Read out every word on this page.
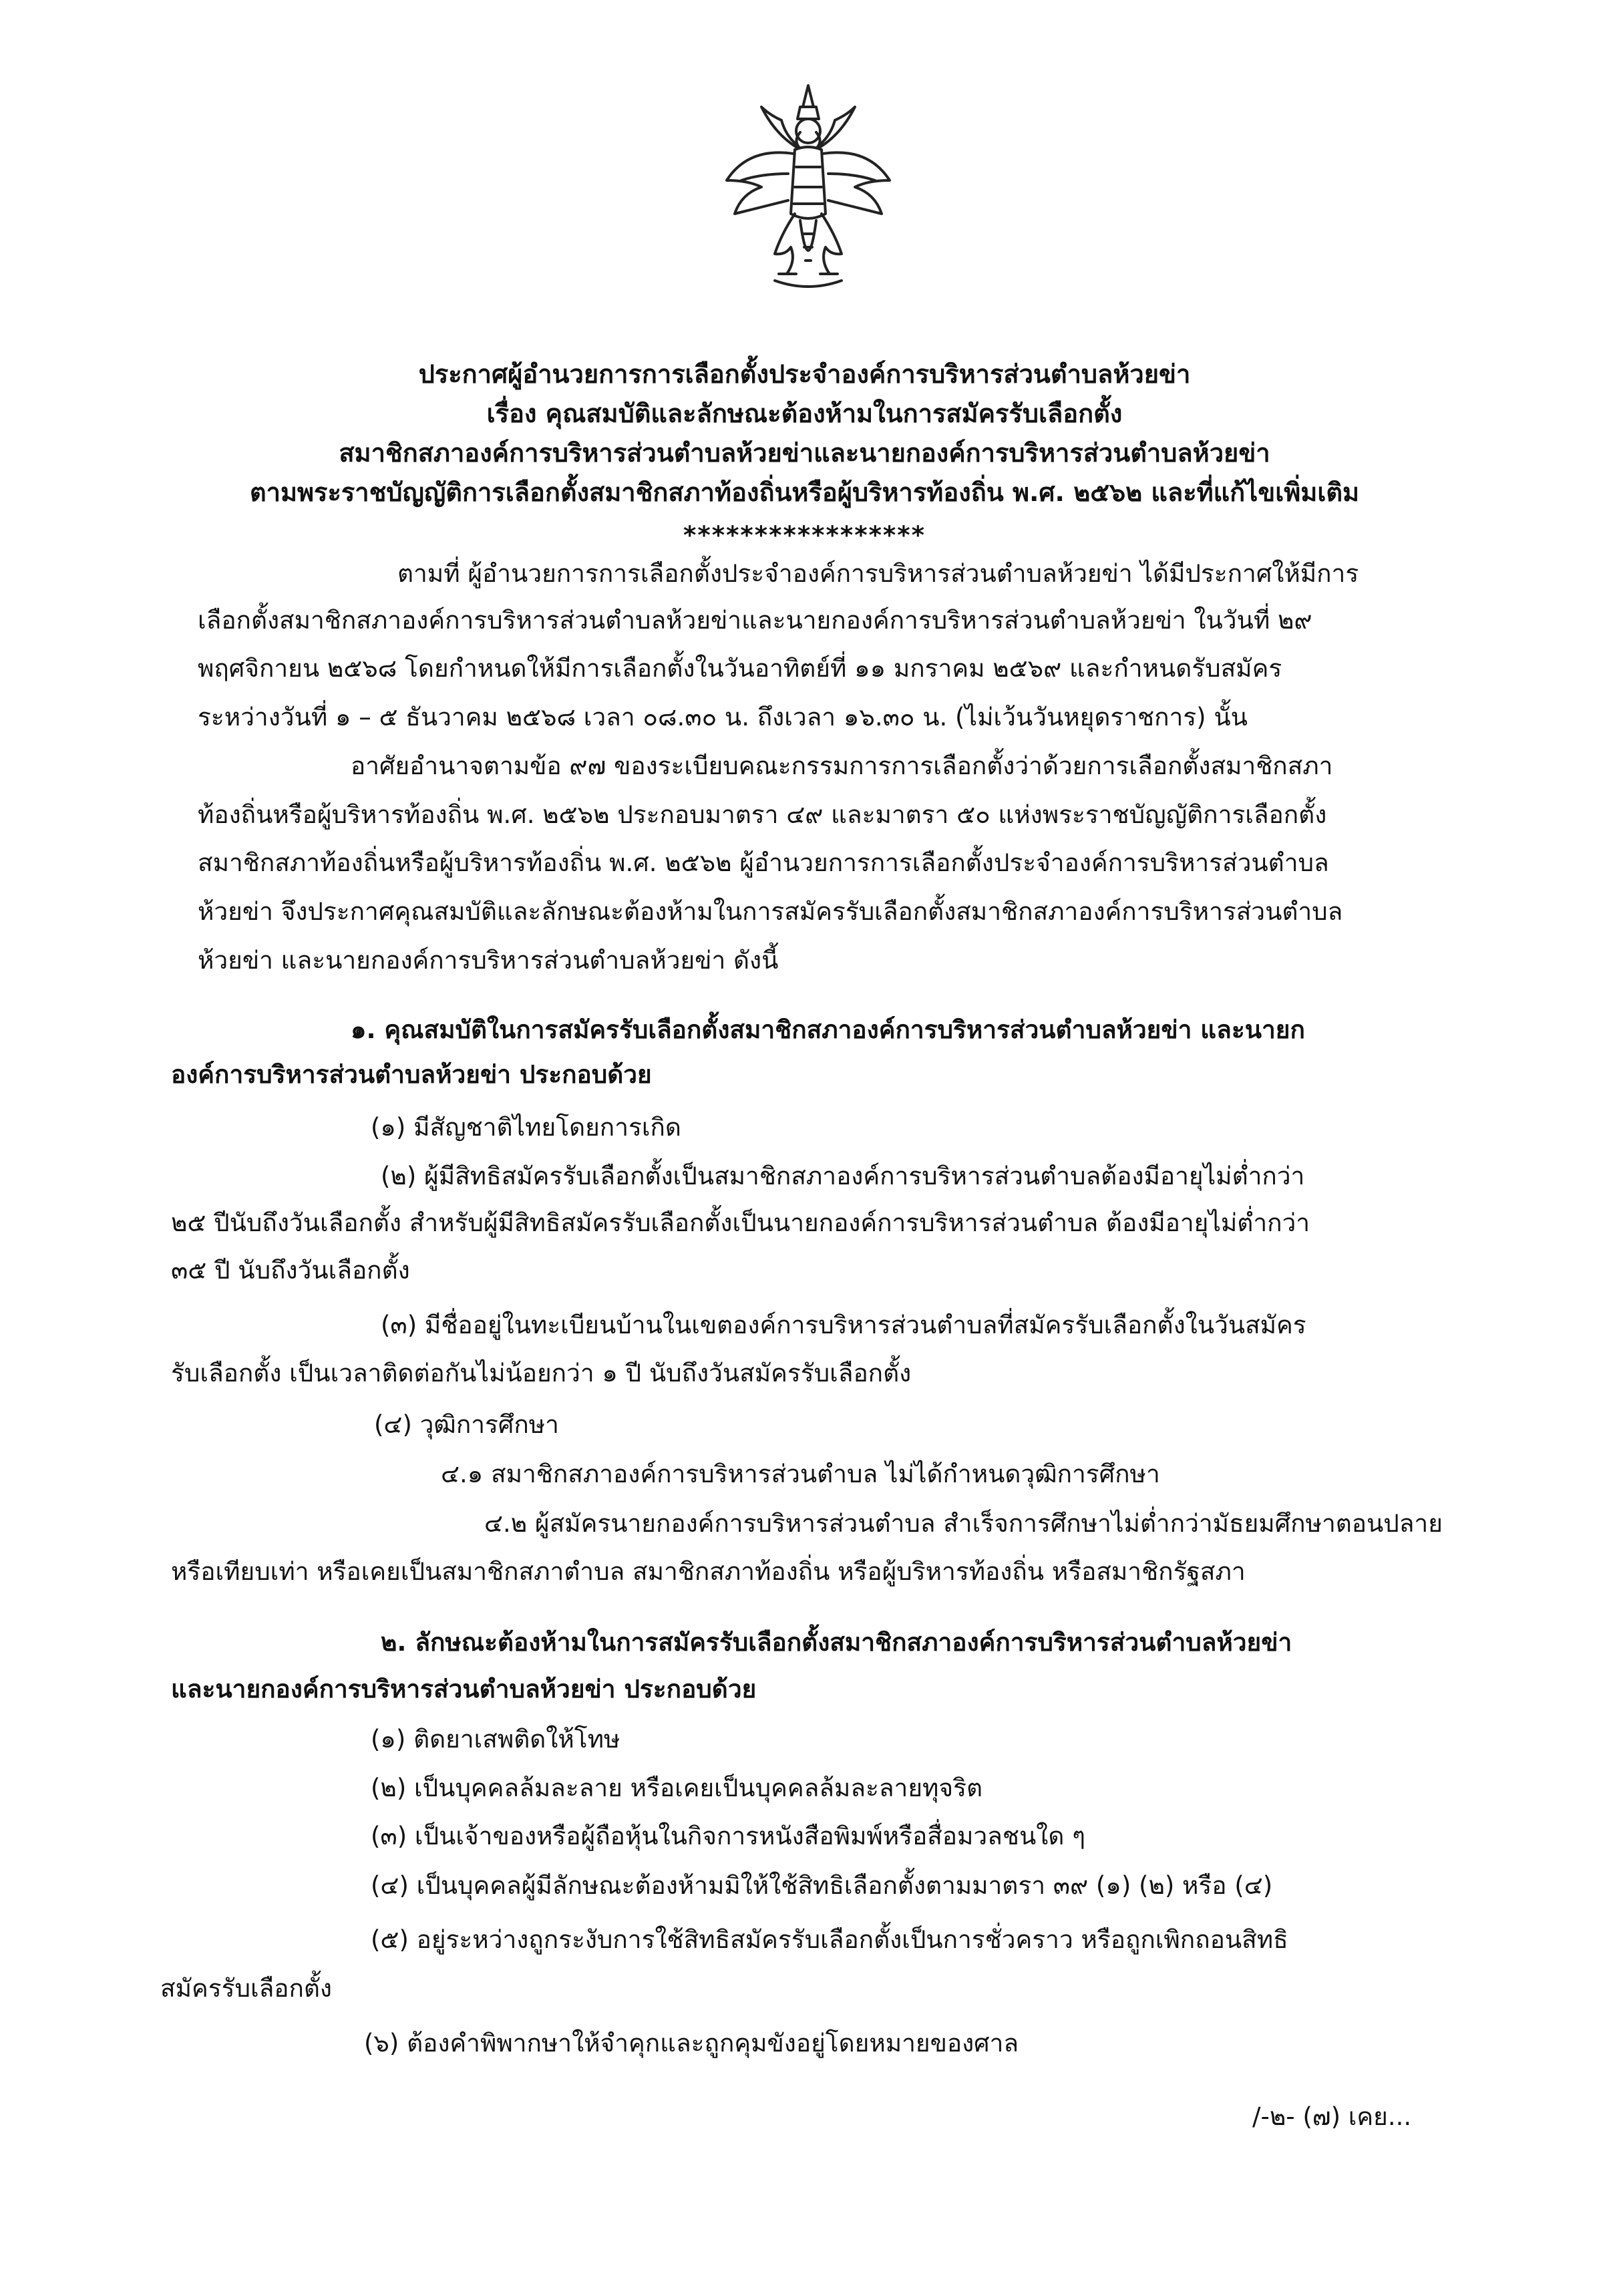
ประกาศผู้อำนวยการการเลือกตั้งประจำองค์การบริหารส่วนตำบลห้วยข่า
เรื่อง คุณสมบัติและลักษณะต้องห้ามในการสมัครรับเลือกตั้ง
สมาชิกสภาองค์การบริหารส่วนตำบลห้วยข่าและนายกองค์การบริหารส่วนตำบลห้วยข่า
ตามพระราชบัญญัติการเลือกตั้งสมาชิกสภาท้องถิ่นหรือผู้บริหารท้องถิ่น พ.ศ. ๒๕๖๒ และที่แก้ไขเพิ่มเติม
*****************
ตามที่ ผู้อำนวยการการเลือกตั้งประจำองค์การบริหารส่วนตำบลห้วยข่า ได้มีประกาศให้มีการ
เลือกตั้งสมาชิกสภาองค์การบริหารส่วนตำบลห้วยข่าและนายกองค์การบริหารส่วนตำบลห้วยข่า ในวันที่ ๒๙
พฤศจิกายน ๒๕๖๘ โดยกำหนดให้มีการเลือกตั้งในวันอาทิตย์ที่ ๑๑ มกราคม ๒๕๖๙ และกำหนดรับสมัคร
ระหว่างวันที่ ๑ – ๕ ธันวาคม ๒๕๖๘ เวลา ๐๘.๓๐ น. ถึงเวลา ๑๖.๓๐ น. (ไม่เว้นวันหยุดราชการ) นั้น
อาศัยอำนาจตามข้อ ๙๗ ของระเบียบคณะกรรมการการเลือกตั้งว่าด้วยการเลือกตั้งสมาชิกสภา
ท้องถิ่นหรือผู้บริหารท้องถิ่น พ.ศ. ๒๕๖๒ ประกอบมาตรา ๔๙ และมาตรา ๕๐ แห่งพระราชบัญญัติการเลือกตั้ง
สมาชิกสภาท้องถิ่นหรือผู้บริหารท้องถิ่น พ.ศ. ๒๕๖๒ ผู้อำนวยการการเลือกตั้งประจำองค์การบริหารส่วนตำบล
ห้วยข่า จึงประกาศคุณสมบัติและลักษณะต้องห้ามในการสมัครรับเลือกตั้งสมาชิกสภาองค์การบริหารส่วนตำบล
ห้วยข่า และนายกองค์การบริหารส่วนตำบลห้วยข่า ดังนี้
๑. คุณสมบัติในการสมัครรับเลือกตั้งสมาชิกสภาองค์การบริหารส่วนตำบลห้วยข่า และนายก
องค์การบริหารส่วนตำบลห้วยข่า ประกอบด้วย
(๑) มีสัญชาติไทยโดยการเกิด
(๒) ผู้มีสิทธิสมัครรับเลือกตั้งเป็นสมาชิกสภาองค์การบริหารส่วนตำบลต้องมีอายุไม่ต่ำกว่า
๒๕ ปีนับถึงวันเลือกตั้ง สำหรับผู้มีสิทธิสมัครรับเลือกตั้งเป็นนายกองค์การบริหารส่วนตำบล ต้องมีอายุไม่ต่ำกว่า
๓๕ ปี นับถึงวันเลือกตั้ง
(๓) มีชื่ออยู่ในทะเบียนบ้านในเขตองค์การบริหารส่วนตำบลที่สมัครรับเลือกตั้งในวันสมัคร
รับเลือกตั้ง เป็นเวลาติดต่อกันไม่น้อยกว่า ๑ ปี นับถึงวันสมัครรับเลือกตั้ง
(๔) วุฒิการศึกษา
๔.๑ สมาชิกสภาองค์การบริหารส่วนตำบล ไม่ได้กำหนดวุฒิการศึกษา
๔.๒ ผู้สมัครนายกองค์การบริหารส่วนตำบล สำเร็จการศึกษาไม่ต่ำกว่ามัธยมศึกษาตอนปลาย
หรือเทียบเท่า หรือเคยเป็นสมาชิกสภาตำบล สมาชิกสภาท้องถิ่น หรือผู้บริหารท้องถิ่น หรือสมาชิกรัฐสภา
๒. ลักษณะต้องห้ามในการสมัครรับเลือกตั้งสมาชิกสภาองค์การบริหารส่วนตำบลห้วยข่า
และนายกองค์การบริหารส่วนตำบลห้วยข่า ประกอบด้วย
(๑) ติดยาเสพติดให้โทษ
(๒) เป็นบุคคลล้มละลาย หรือเคยเป็นบุคคลล้มละลายทุจริต
(๓) เป็นเจ้าของหรือผู้ถือหุ้นในกิจการหนังสือพิมพ์หรือสื่อมวลชนใด ๆ
(๔) เป็นบุคคลผู้มีลักษณะต้องห้ามมิให้ใช้สิทธิเลือกตั้งตามมาตรา ๓๙ (๑) (๒) หรือ (๔)
(๕) อยู่ระหว่างถูกระงับการใช้สิทธิสมัครรับเลือกตั้งเป็นการชั่วคราว หรือถูกเพิกถอนสิทธิ
สมัครรับเลือกตั้ง
(๖) ต้องคำพิพากษาให้จำคุกและถูกคุมขังอยู่โดยหมายของศาล
/-๒- (๗) เคย...
